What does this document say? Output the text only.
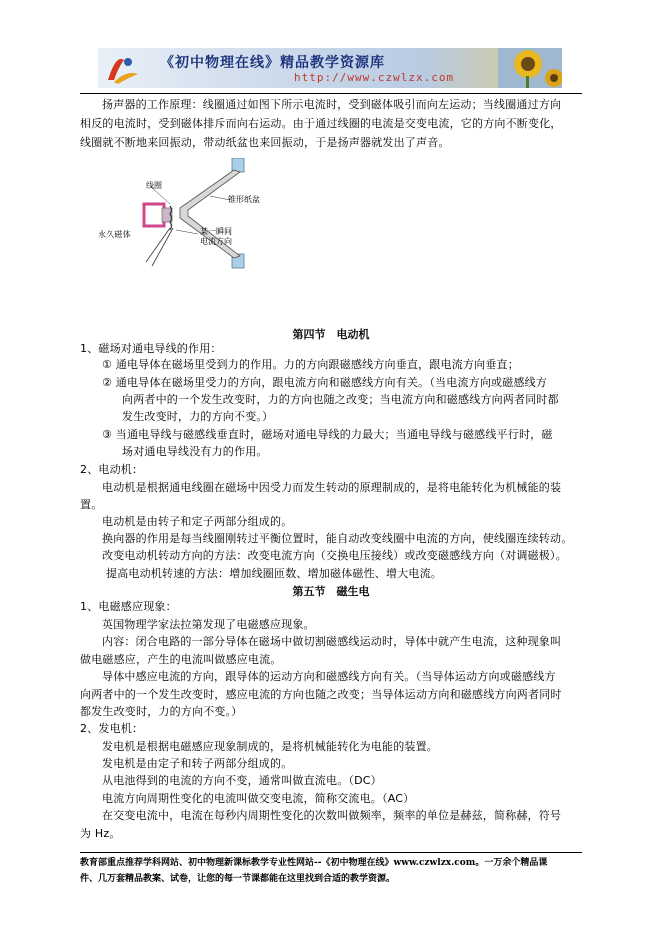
《初中物理在线》精品教学资源库
http://www.czwlzx.com
扬声器的工作原理：线圈通过如图下所示电流时，受到磁体吸引而向左运动；当线圈通过方向
相反的电流时，受到磁体排斥而向右运动。由于通过线圈的电流是交变电流，它的方向不断变化，
线圈就不断地来回振动，带动纸盆也来回振动，于是扬声器就发出了声音。
线圈
锥形纸盆
某一瞬间
电流方向
永久磁体
第四节　电动机
1、磁场对通电导线的作用：
① 通电导体在磁场里受到力的作用。力的方向跟磁感线方向垂直，跟电流方向垂直；
② 通电导体在磁场里受力的方向，跟电流方向和磁感线方向有关。（当电流方向或磁感线方
向两者中的一个发生改变时，力的方向也随之改变；当电流方向和磁感线方向两者同时都
发生改变时，力的方向不变。）
③ 当通电导线与磁感线垂直时，磁场对通电导线的力最大；当通电导线与磁感线平行时，磁
场对通电导线没有力的作用。
2、电动机：
电动机是根据通电线圈在磁场中因受力而发生转动的原理制成的，是将电能转化为机械能的装
置。
电动机是由转子和定子两部分组成的。
换向器的作用是每当线圈刚转过平衡位置时，能自动改变线圈中电流的方向，使线圈连续转动。
改变电动机转动方向的方法：改变电流方向（交换电压接线）或改变磁感线方向（对调磁极）。
提高电动机转速的方法：增加线圈匝数、增加磁体磁性、增大电流。
第五节　磁生电
1、电磁感应现象：
英国物理学家法拉第发现了电磁感应现象。
内容：闭合电路的一部分导体在磁场中做切割磁感线运动时，导体中就产生电流，这种现象叫
做电磁感应，产生的电流叫做感应电流。
导体中感应电流的方向，跟导体的运动方向和磁感线方向有关。（当导体运动方向或磁感线方
向两者中的一个发生改变时，感应电流的方向也随之改变；当导体运动方向和磁感线方向两者同时
都发生改变时，力的方向不变。）
2、发电机：
发电机是根据电磁感应现象制成的，是将机械能转化为电能的装置。
发电机是由定子和转子两部分组成的。
从电池得到的电流的方向不变，通常叫做直流电。（DC）
电流方向周期性变化的电流叫做交变电流，简称交流电。（AC）
在交变电流中，电流在每秒内周期性变化的次数叫做频率，频率的单位是赫兹，简称赫，符号
为 Hz。
教育部重点推荐学科网站、初中物理新课标教学专业性网站--《初中物理在线》www.czwlzx.com。一万余个精品课
件、几万套精品教案、试卷，让您的每一节课都能在这里找到合适的教学资源。
